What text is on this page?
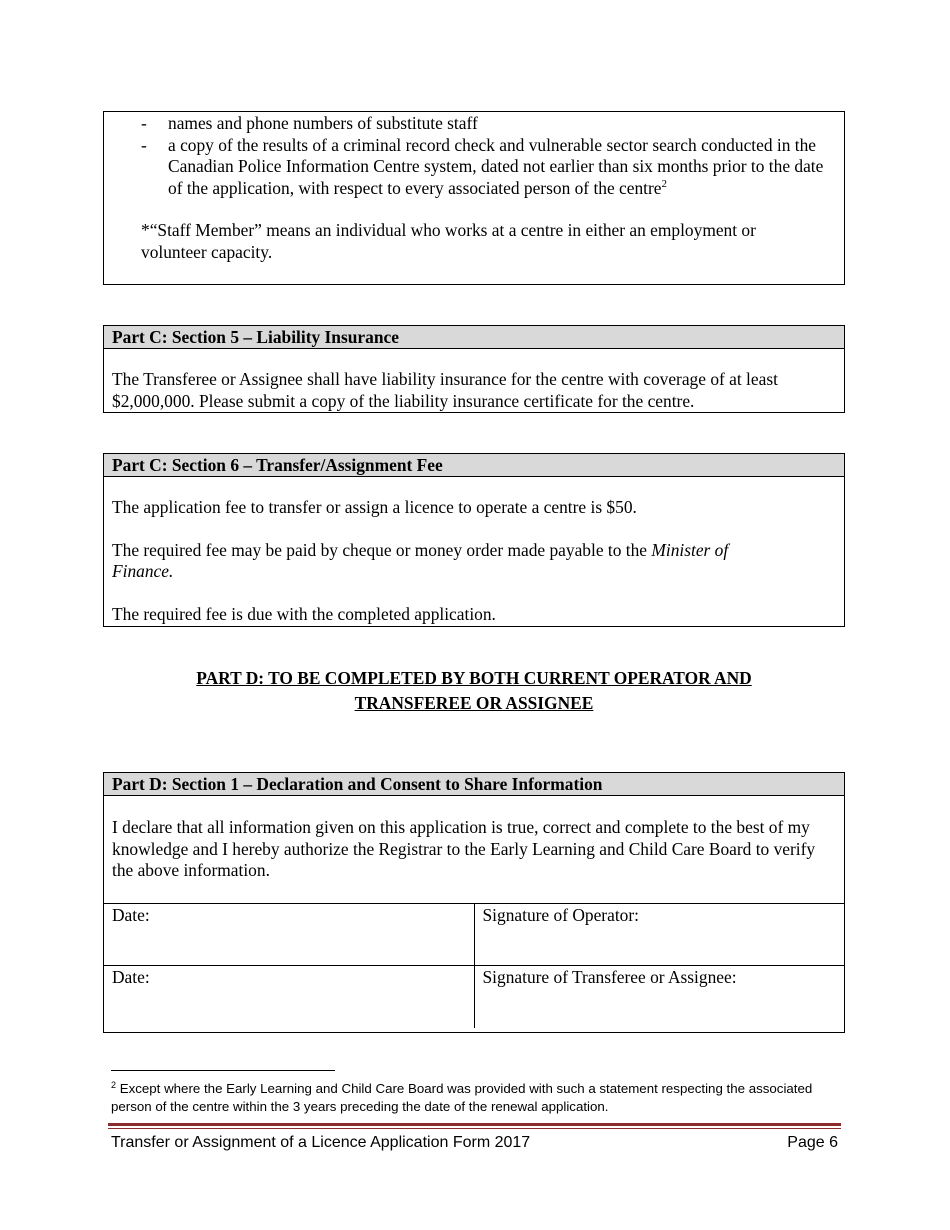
- names and phone numbers of substitute staff
- a copy of the results of a criminal record check and vulnerable sector search conducted in the Canadian Police Information Centre system, dated not earlier than six months prior to the date of the application, with respect to every associated person of the centre$^2$

*“Staff Member” means an individual who works at a centre in either an employment or volunteer capacity.

Part C: Section 5 – Liability Insurance

The Transferee or Assignee shall have liability insurance for the centre with coverage of at least $2,000,000. Please submit a copy of the liability insurance certificate for the centre.

Part C: Section 6 – Transfer/Assignment Fee

The application fee to transfer or assign a licence to operate a centre is $50.

The required fee may be paid by cheque or money order made payable to the Minister of Finance.

The required fee is due with the completed application.

PART D: TO BE COMPLETED BY BOTH CURRENT OPERATOR AND
TRANSFEREE OR ASSIGNEE
Part D: Section 1 – Declaration and Consent to Share Information

I declare that all information given on this application is true, correct and complete to the best of my knowledge and I hereby authorize the Registrar to the Early Learning and Child Care Board to verify the above information.

Date:	Signature of Operator:
Date:	Signature of Transferee or Assignee:
$^2$ Except where the Early Learning and Child Care Board was provided with such a statement respecting the associated person of the centre within the 3 years preceding the date of the renewal application.
Transfer or Assignment of a Licence Application Form 2017	Page 6
